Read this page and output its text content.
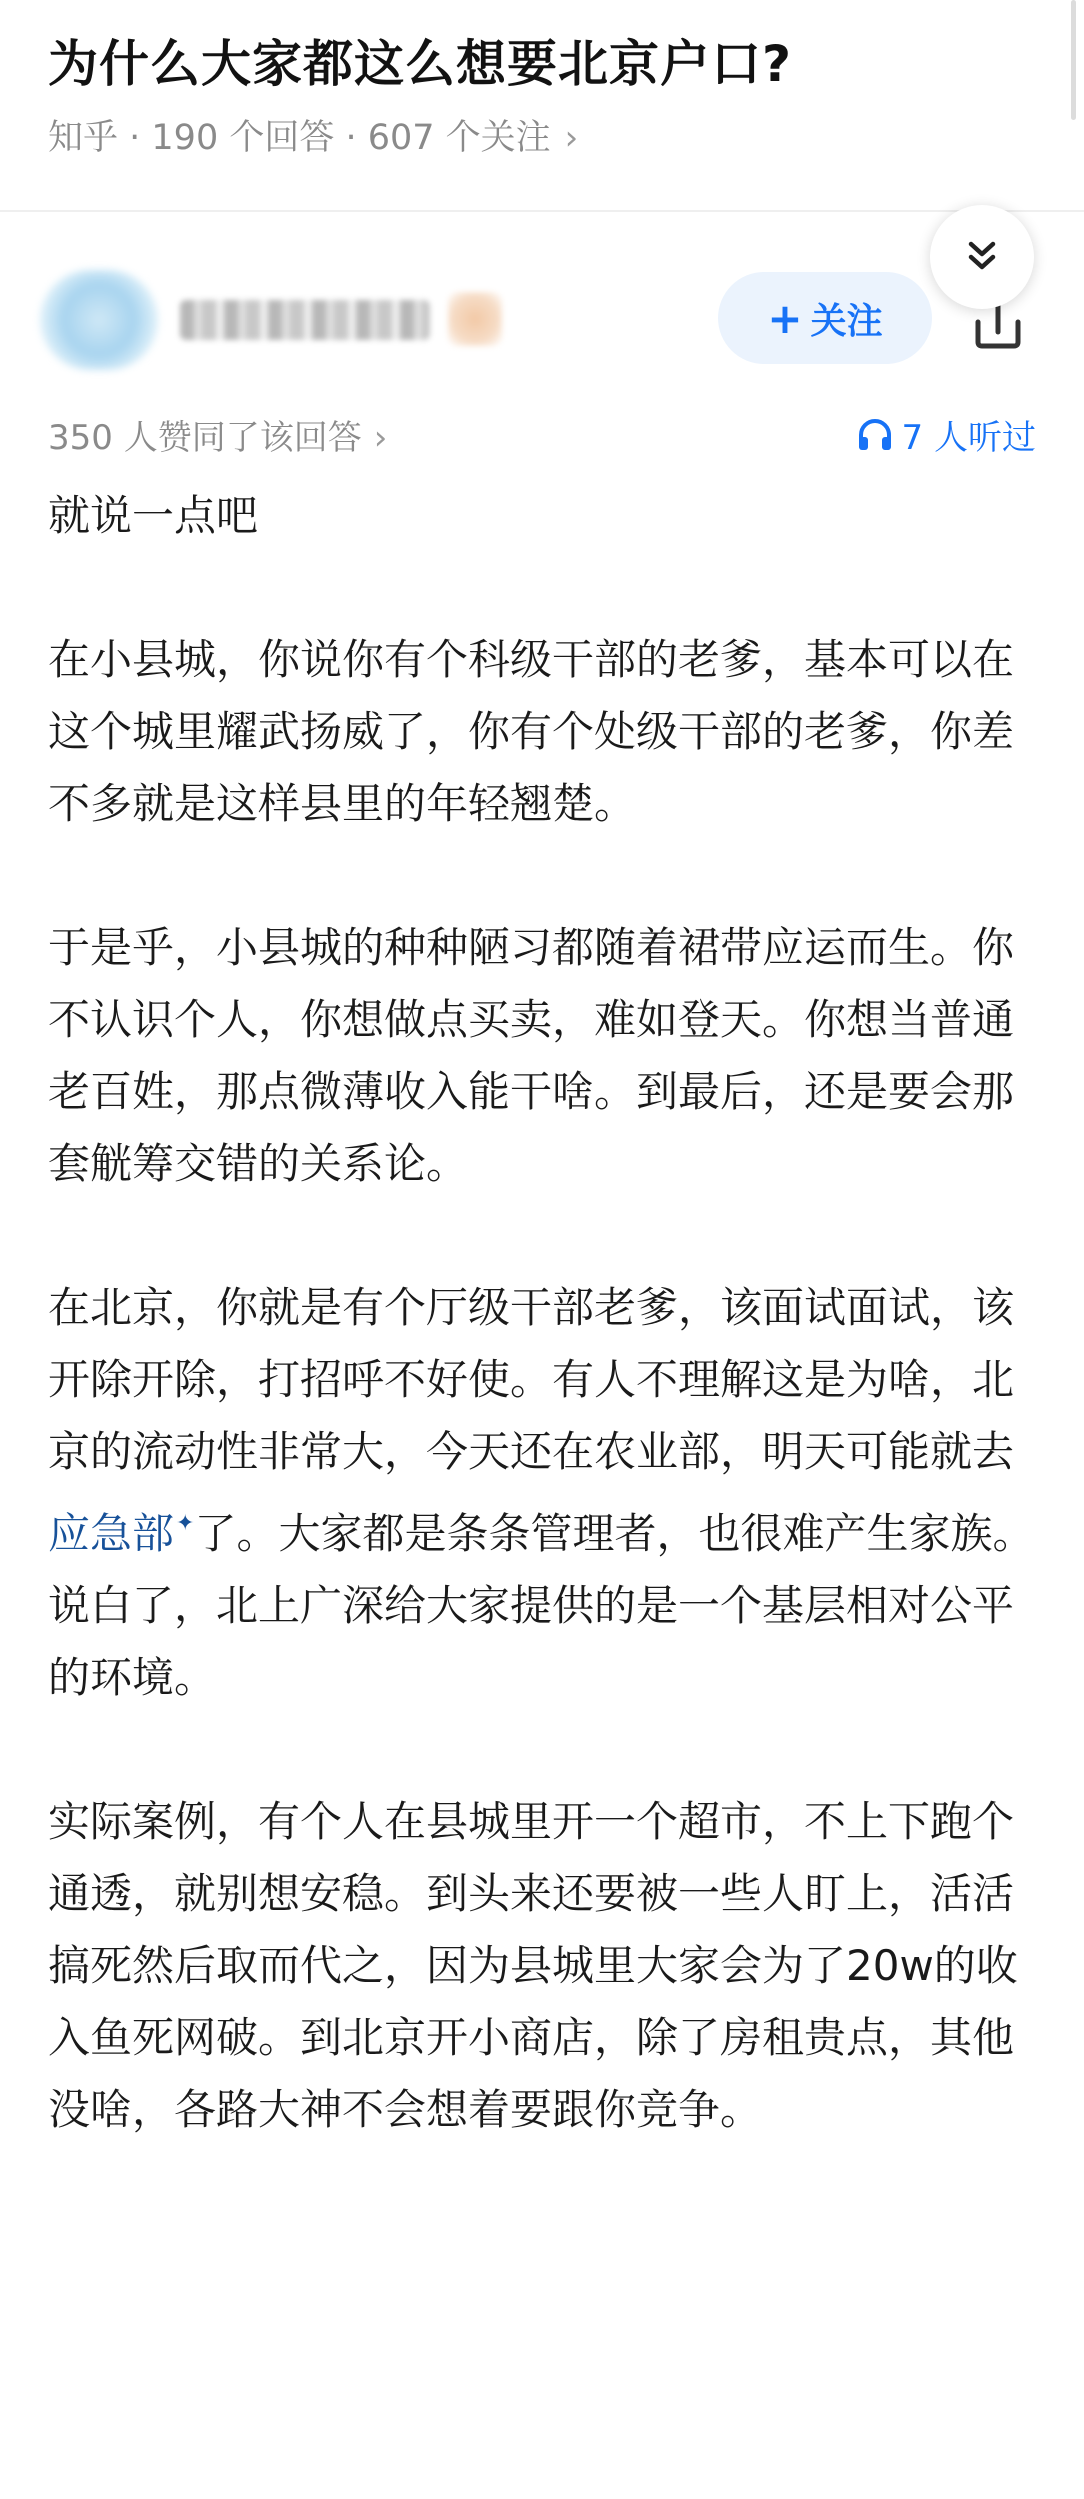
为什么大家都这么想要北京户口?
知乎 · 190 个回答 · 607 个关注 ›
+ 关注
350 人赞同了该回答 ›	7 人听过

就说一点吧

在小县城，你说你有个科级干部的老爹，基本可以在这个城里耀武扬威了，你有个处级干部的老爹，你差不多就是这样县里的年轻翘楚。

于是乎，小县城的种种陋习都随着裙带应运而生。你不认识个人，你想做点买卖，难如登天。你想当普通老百姓，那点微薄收入能干啥。到最后，还是要会那套觥筹交错的关系论。

在北京，你就是有个厅级干部老爹，该面试面试，该开除开除，打招呼不好使。有人不理解这是为啥，北京的流动性非常大，今天还在农业部，明天可能就去应急部✦了。大家都是条条管理者，也很难产生家族。说白了，北上广深给大家提供的是一个基层相对公平的环境。

实际案例，有个人在县城里开一个超市，不上下跑个通透，就别想安稳。到头来还要被一些人盯上，活活搞死然后取而代之，因为县城里大家会为了20w的收入鱼死网破。到北京开小商店，除了房租贵点，其他没啥，各路大神不会想着要跟你竞争。
